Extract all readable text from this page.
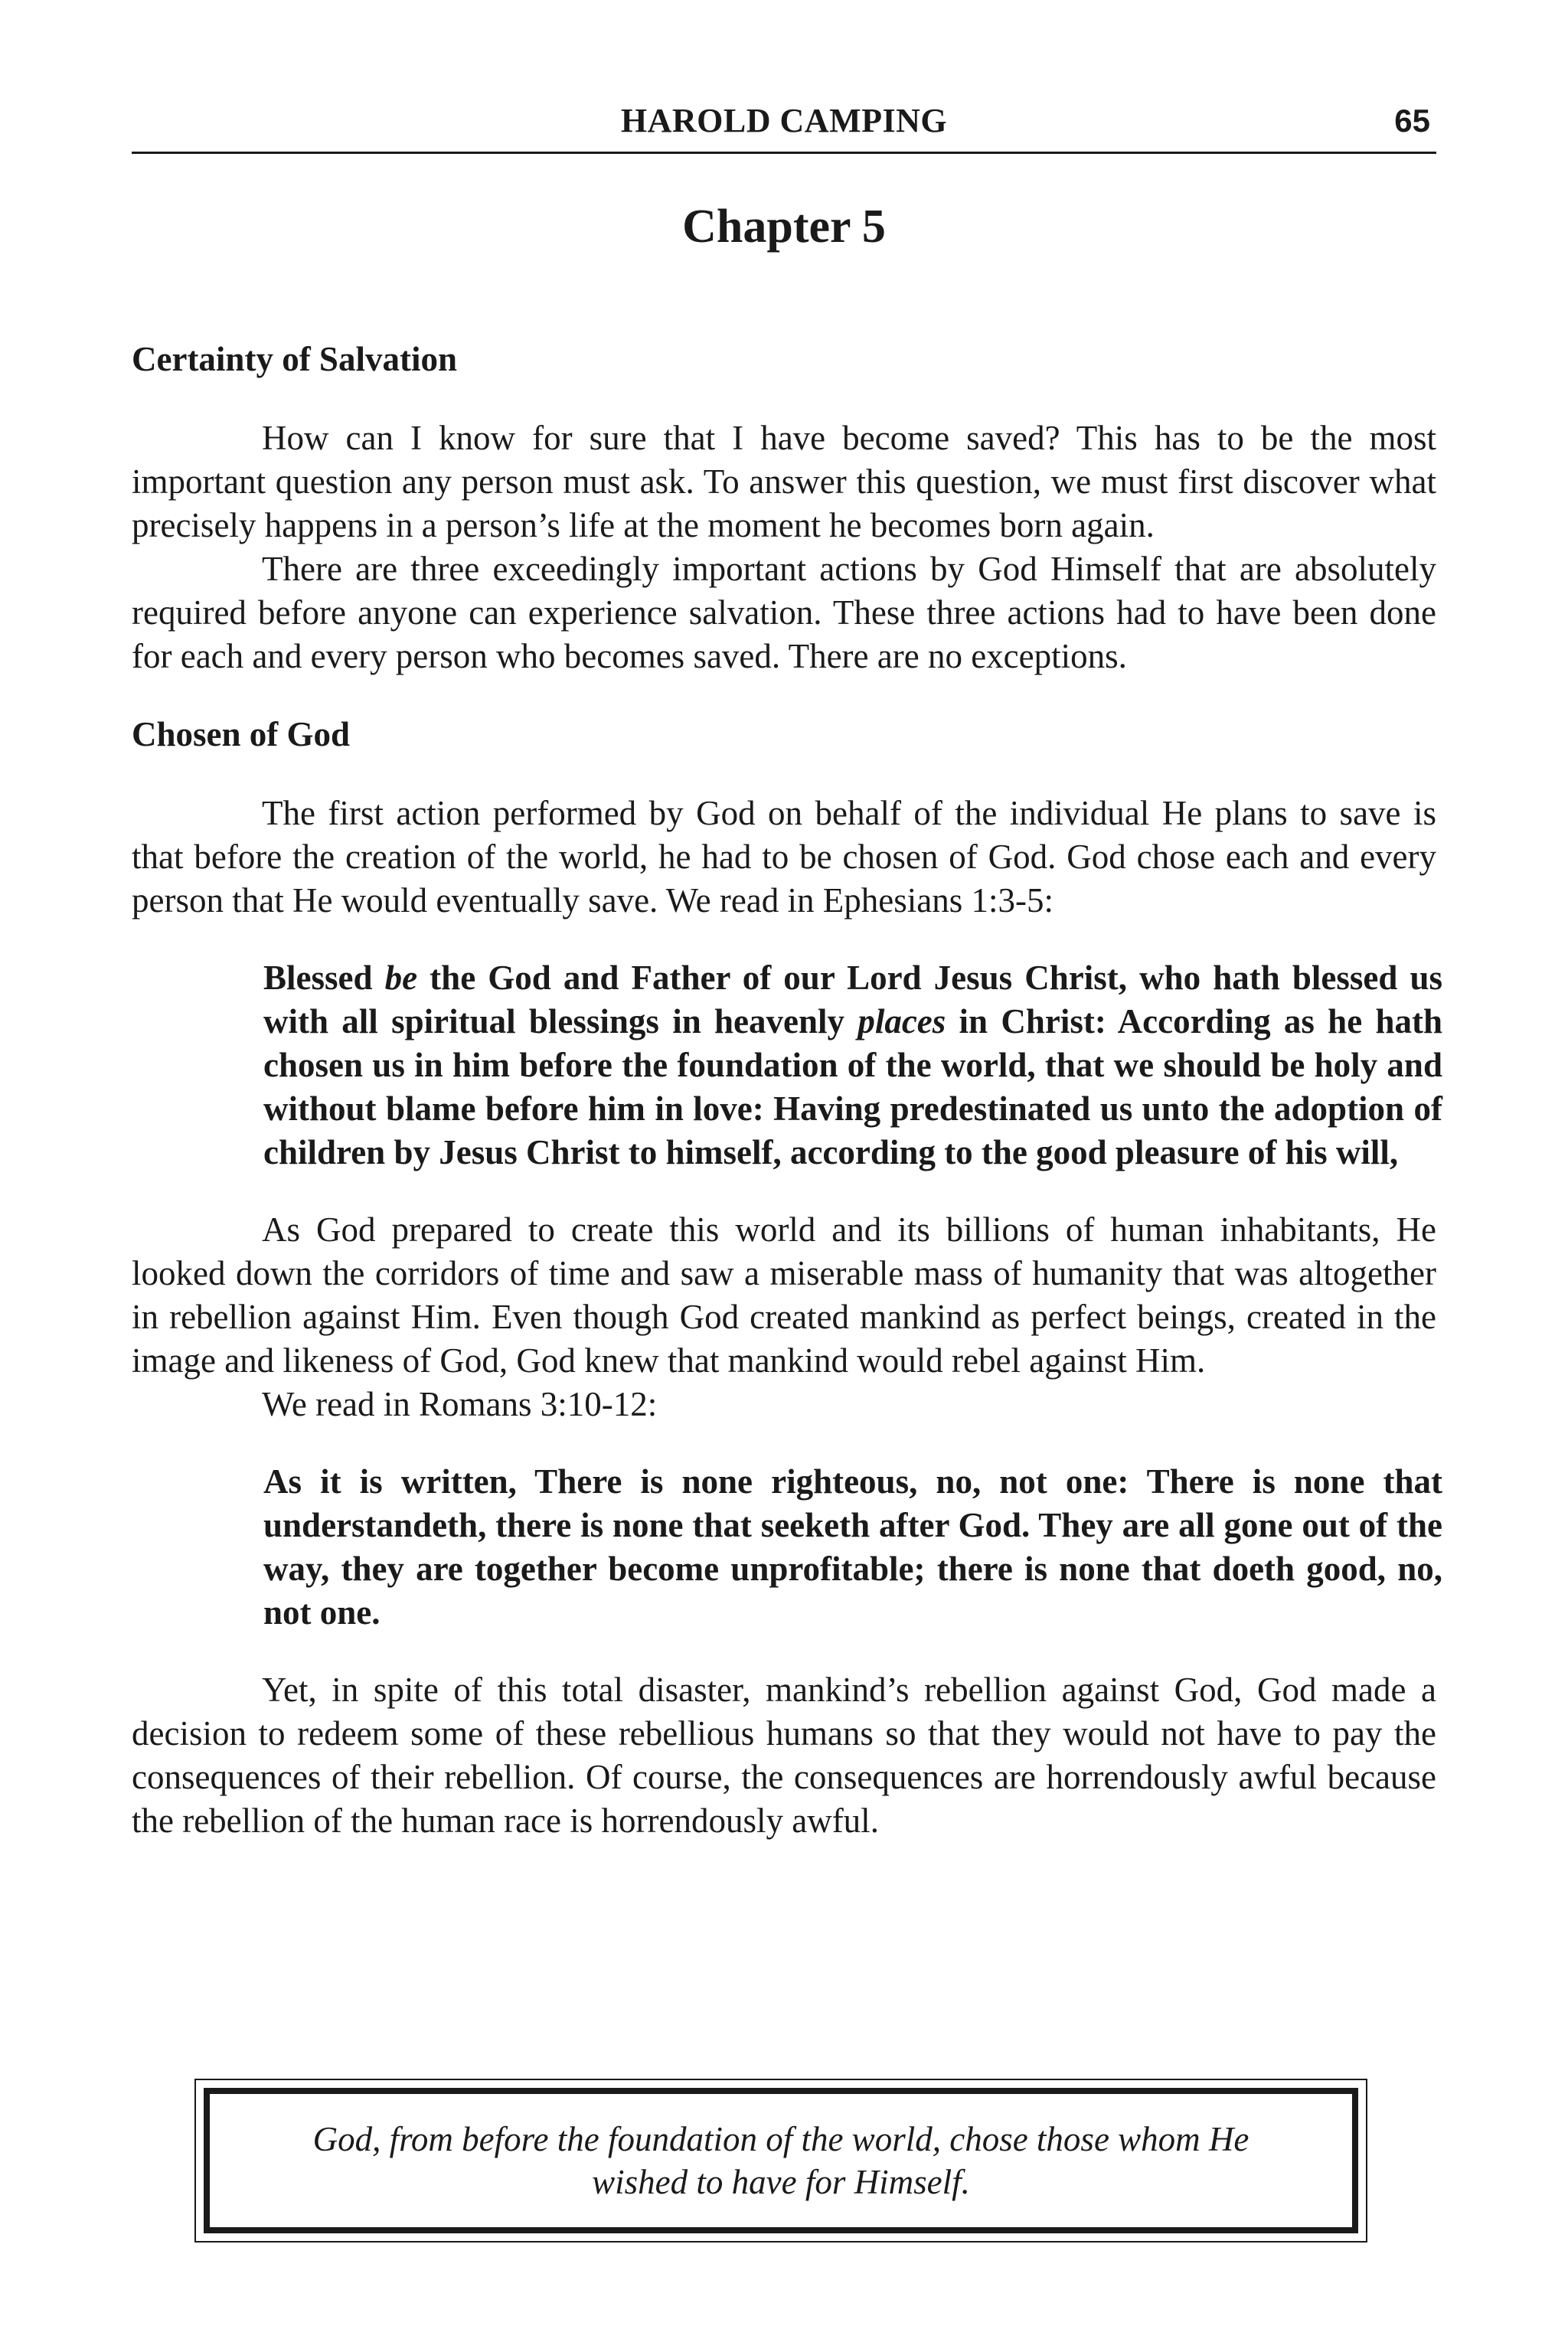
HAROLD CAMPING	65
Chapter 5
Certainty of Salvation

How can I know for sure that I have become saved? This has to be the most important question any person must ask. To answer this question, we must first discover what precisely happens in a person’s life at the moment he becomes born again.

There are three exceedingly important actions by God Himself that are absolutely required before anyone can experience salvation. These three actions had to have been done for each and every person who becomes saved. There are no exceptions.

Chosen of God

The first action performed by God on behalf of the individual He plans to save is that before the creation of the world, he had to be chosen of God. God chose each and every person that He would eventually save. We read in Ephesians 1:3-5:

Blessed be the God and Father of our Lord Jesus Christ, who hath blessed us with all spiritual blessings in heavenly places in Christ: According as he hath chosen us in him before the foundation of the world, that we should be holy and without blame before him in love: Having predestinated us unto the adoption of children by Jesus Christ to himself, according to the good pleasure of his will,

As God prepared to create this world and its billions of human inhabitants, He looked down the corridors of time and saw a miserable mass of humanity that was altogether in rebellion against Him. Even though God created mankind as perfect beings, created in the image and likeness of God, God knew that mankind would rebel against Him.

We read in Romans 3:10-12:

As it is written, There is none righteous, no, not one: There is none that understandeth, there is none that seeketh after God. They are all gone out of the way, they are together become unprofitable; there is none that doeth good, no, not one.

Yet, in spite of this total disaster, mankind’s rebellion against God, God made a decision to redeem some of these rebellious humans so that they would not have to pay the consequences of their rebellion. Of course, the consequences are horrendously awful because the rebellion of the human race is horrendously awful.

God, from before the foundation of the world, chose those whom He wished to have for Himself.
